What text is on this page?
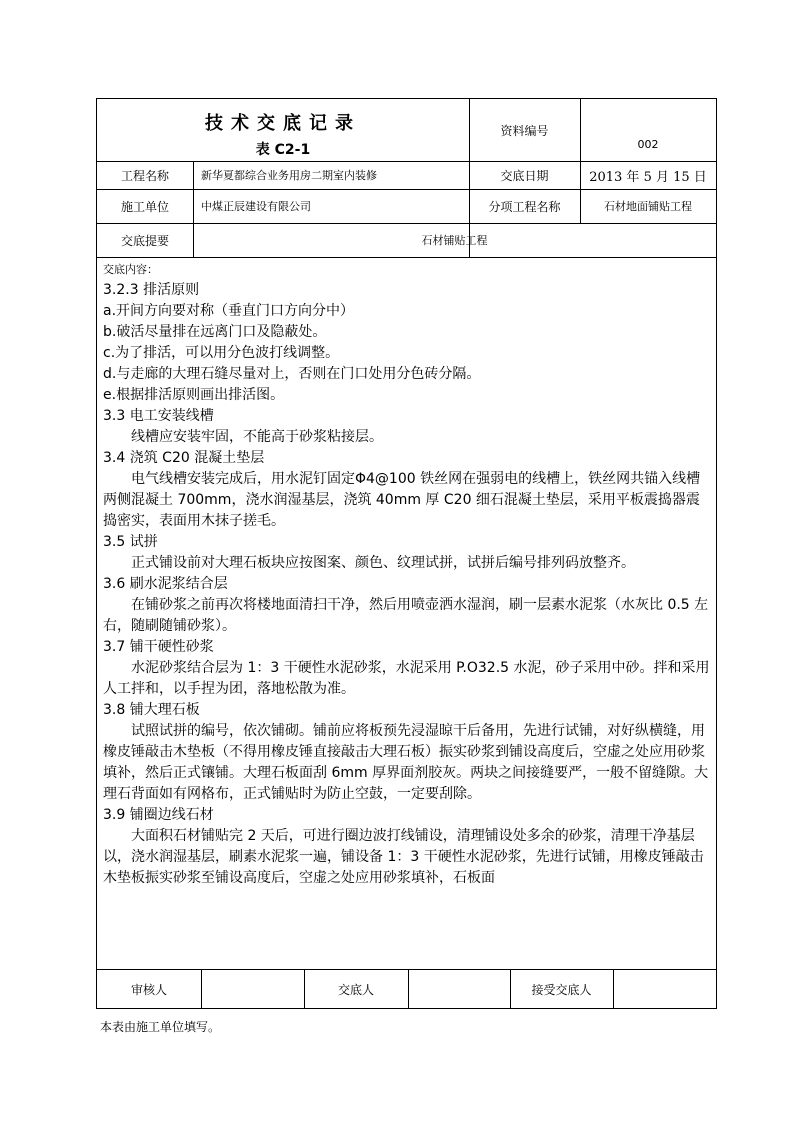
技术交底记录
表 C2-1
资料编号
002
工程名称	新华夏都综合业务用房二期室内装修	交底日期	2013 年 5 月 15 日
施工单位	中煤正辰建设有限公司	分项工程名称	石材地面铺贴工程
交底提要	石材铺贴工程
交底内容：
3.2.3 排活原则
a.开间方向要对称（垂直门口方向分中）
b.破活尽量排在远离门口及隐蔽处。
c.为了排活，可以用分色波打线调整。
d.与走廊的大理石缝尽量对上，否则在门口处用分色砖分隔。
e.根据排活原则画出排活图。
3.3 电工安装线槽
线槽应安装牢固，不能高于砂浆粘接层。
3.4 浇筑 C20 混凝土垫层
电气线槽安装完成后，用水泥钉固定Φ4@100 铁丝网在强弱电的线槽上，铁丝网共锚入线槽两侧混凝土 700mm，浇水润湿基层，浇筑 40mm 厚 C20 细石混凝土垫层，采用平板震捣器震捣密实，表面用木抹子搓毛。
3.5 试拼
正式铺设前对大理石板块应按图案、颜色、纹理试拼，试拼后编号排列码放整齐。
3.6 刷水泥浆结合层
在铺砂浆之前再次将楼地面清扫干净，然后用喷壶洒水湿润，刷一层素水泥浆（水灰比 0.5 左右，随刷随铺砂浆）。
3.7 铺干硬性砂浆
水泥砂浆结合层为 1：3 干硬性水泥砂浆，水泥采用 P.O32.5 水泥，砂子采用中砂。拌和采用人工拌和，以手捏为团，落地松散为准。
3.8 铺大理石板
试照试拼的编号，依次铺砌。铺前应将板预先浸湿晾干后备用，先进行试铺，对好纵横缝，用橡皮锤敲击木垫板（不得用橡皮锤直接敲击大理石板）振实砂浆到铺设高度后，空虚之处应用砂浆填补，然后正式镶铺。大理石板面刮 6mm 厚界面剂胶灰。两块之间接缝要严，一般不留缝隙。大理石背面如有网格布，正式铺贴时为防止空鼓，一定要刮除。
3.9 铺圈边线石材
大面积石材铺贴完 2 天后，可进行圈边波打线铺设，清理铺设处多余的砂浆，清理干净基层以，浇水润湿基层，刷素水泥浆一遍，铺设备 1：3 干硬性水泥砂浆，先进行试铺，用橡皮锤敲击木垫板振实砂浆至铺设高度后，空虚之处应用砂浆填补，石板面
审核人	交底人	接受交底人
本表由施工单位填写。
